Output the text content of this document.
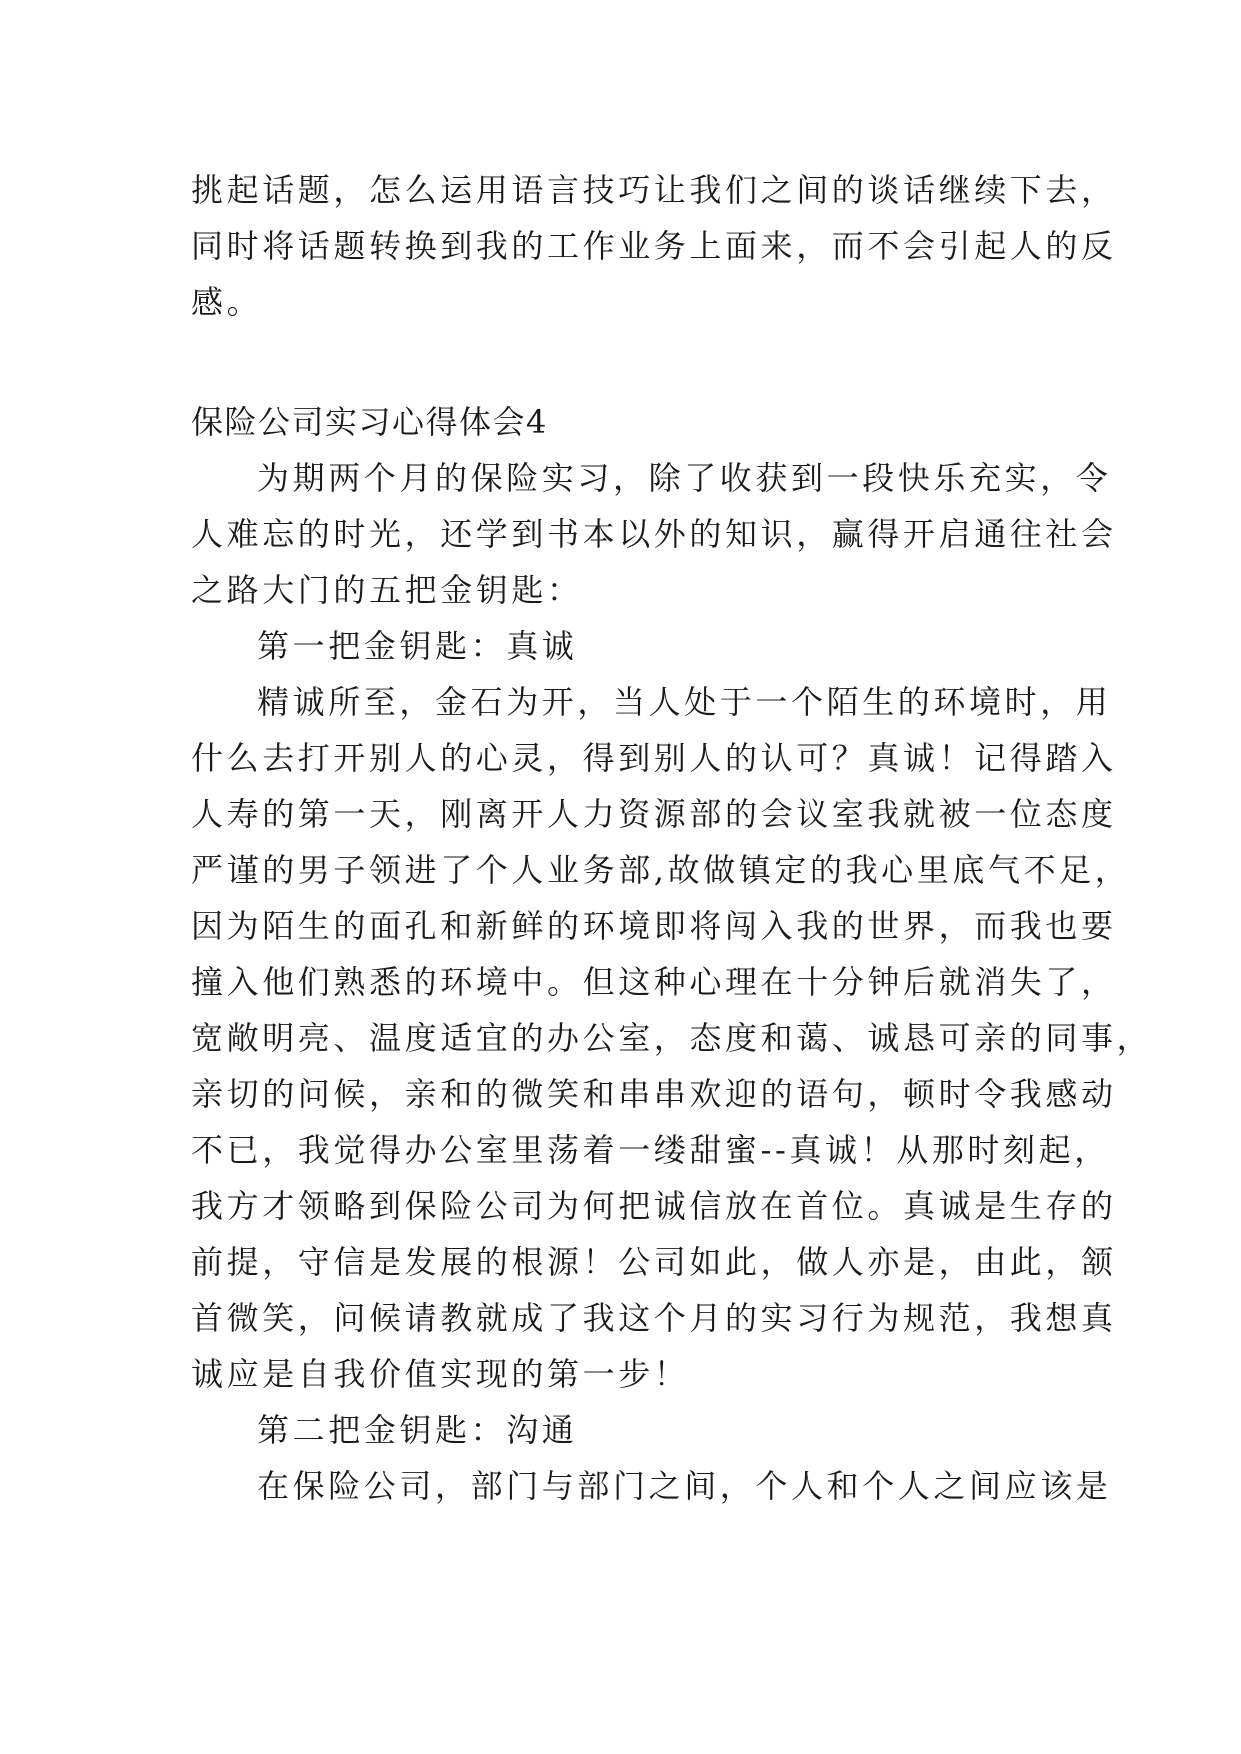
挑起话题，怎么运用语言技巧让我们之间的谈话继续下去，
同时将话题转换到我的工作业务上面来，而不会引起人的反
感。
保险公司实习心得体会4
为期两个月的保险实习，除了收获到一段快乐充实，令
人难忘的时光，还学到书本以外的知识，赢得开启通往社会
之路大门的五把金钥匙：
第一把金钥匙：真诚
精诚所至，金石为开，当人处于一个陌生的环境时，用
什么去打开别人的心灵，得到别人的认可？真诚！记得踏入
人寿的第一天，刚离开人力资源部的会议室我就被一位态度
严谨的男子领进了个人业务部,故做镇定的我心里底气不足，
因为陌生的面孔和新鲜的环境即将闯入我的世界，而我也要
撞入他们熟悉的环境中。但这种心理在十分钟后就消失了，
宽敞明亮、温度适宜的办公室，态度和蔼、诚恳可亲的同事，
亲切的问候，亲和的微笑和串串欢迎的语句，顿时令我感动
不已，我觉得办公室里荡着一缕甜蜜--真诚！从那时刻起，
我方才领略到保险公司为何把诚信放在首位。真诚是生存的
前提，守信是发展的根源！公司如此，做人亦是，由此，颔
首微笑，问候请教就成了我这个月的实习行为规范，我想真
诚应是自我价值实现的第一步！
第二把金钥匙：沟通
在保险公司，部门与部门之间，个人和个人之间应该是
